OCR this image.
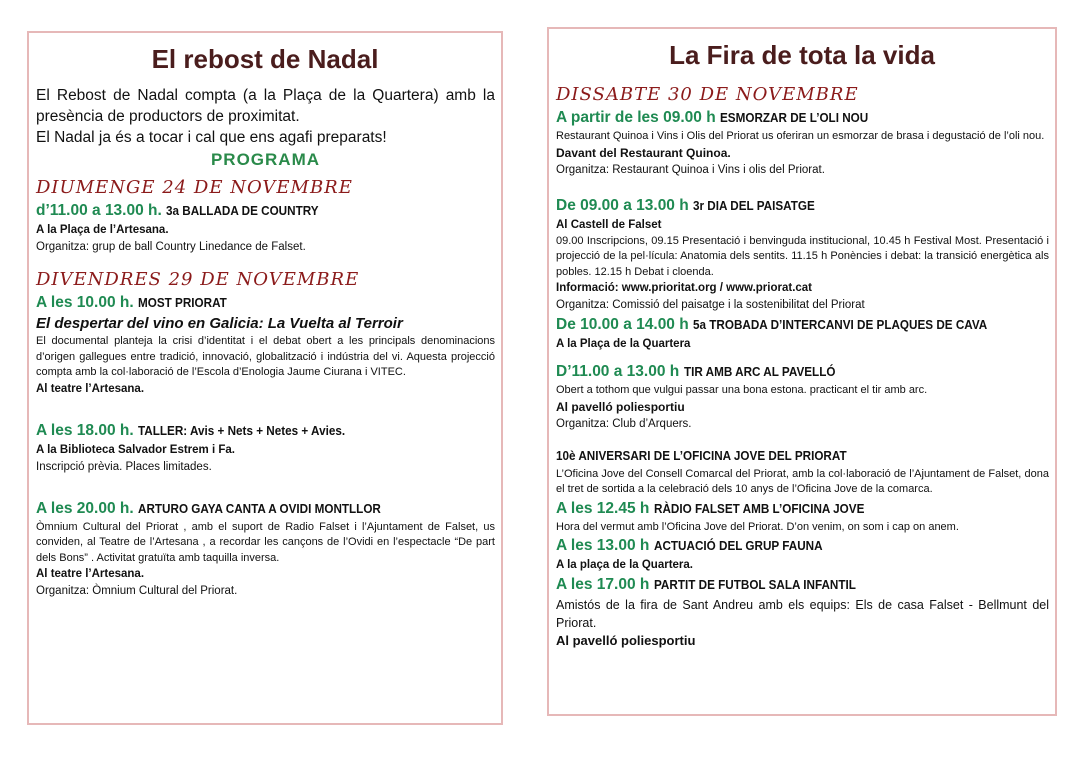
El rebost de Nadal

El Rebost de Nadal compta (a la Plaça de la Quartera) amb la presència de productors de proximitat.

El Nadal ja és a tocar i cal que ens agafi preparats!

PROGRAMA

DIUMENGE 24 DE NOVEMBRE

d’11.00 a 13.00 h. 3a BALLADA DE COUNTRY

A la Plaça de l’Artesana.

Organitza: grup de ball Country Linedance de Falset.

DIVENDRES 29 DE NOVEMBRE

A les 10.00 h. MOST PRIORAT

El despertar del vino en Galicia: La Vuelta al Terroir

El documental planteja la crisi d’identitat i el debat obert a les principals denominacions d’origen gallegues entre tradició, innovació, globalització i indústria del vi. Aquesta projecció compta amb la col·laboració de l’Escola d’Enologia Jaume Ciurana i VITEC.

Al teatre l’Artesana.

A les 18.00 h. TALLER: Avis + Nets + Netes + Avies.

A la Biblioteca Salvador Estrem i Fa.

Inscripció prèvia. Places limitades.

A les 20.00 h. ARTURO GAYA CANTA A OVIDI MONTLLOR

Òmnium Cultural del Priorat , amb el suport de Radio Falset i l’Ajuntament de Falset, us conviden, al Teatre de l’Artesana , a recordar les cançons de l’Ovidi en l’espectacle “De part dels Bons” . Activitat gratuïta amb taquilla inversa.

Al teatre l’Artesana.

Organitza: Òmnium Cultural del Priorat.

La Fira de tota la vida

DISSABTE 30 DE NOVEMBRE

A partir de les 09.00 h ESMORZAR DE L’OLI NOU

Restaurant Quinoa i Vins i Olis del Priorat us oferiran un esmorzar de brasa i degustació de l’oli nou.

Davant del Restaurant Quinoa.

Organitza: Restaurant Quinoa i Vins i olis del Priorat.

De 09.00 a 13.00 h 3r DIA DEL PAISATGE

Al Castell de Falset

09.00 Inscripcions, 09.15 Presentació i benvinguda institucional, 10.45 h Festival Most. Presentació i projecció de la pel·lícula: Anatomia dels sentits. 11.15 h Ponències i debat: la transició energètica als pobles. 12.15 h Debat i cloenda.

Informació: www.prioritat.org / www.priorat.cat

Organitza: Comissió del paisatge i la sostenibilitat del Priorat

De 10.00 a 14.00 h 5a TROBADA D’INTERCANVI DE PLAQUES DE CAVA

A la Plaça de la Quartera

D’11.00 a 13.00 h TIR AMB ARC AL PAVELLÓ

Obert a tothom que vulgui passar una bona estona. practicant el tir amb arc.

Al pavelló poliesportiu

Organitza: Club d’Arquers.

10è ANIVERSARI DE L’OFICINA JOVE DEL PRIORAT

L’Oficina Jove del Consell Comarcal del Priorat, amb la col·laboració de l’Ajuntament de Falset, dona el tret de sortida a la celebració dels 10 anys de l’Oficina Jove de la comarca.

A les 12.45 h RÀDIO FALSET AMB L’OFICINA JOVE

Hora del vermut amb l’Oficina Jove del Priorat. D’on venim, on som i cap on anem.

A les 13.00 h ACTUACIÓ DEL GRUP FAUNA

A la plaça de la Quartera.

A les 17.00 h PARTIT DE FUTBOL SALA INFANTIL

Amistós de la fira de Sant Andreu amb els equips: Els de casa Falset - Bellmunt del Priorat.

Al pavelló poliesportiu
